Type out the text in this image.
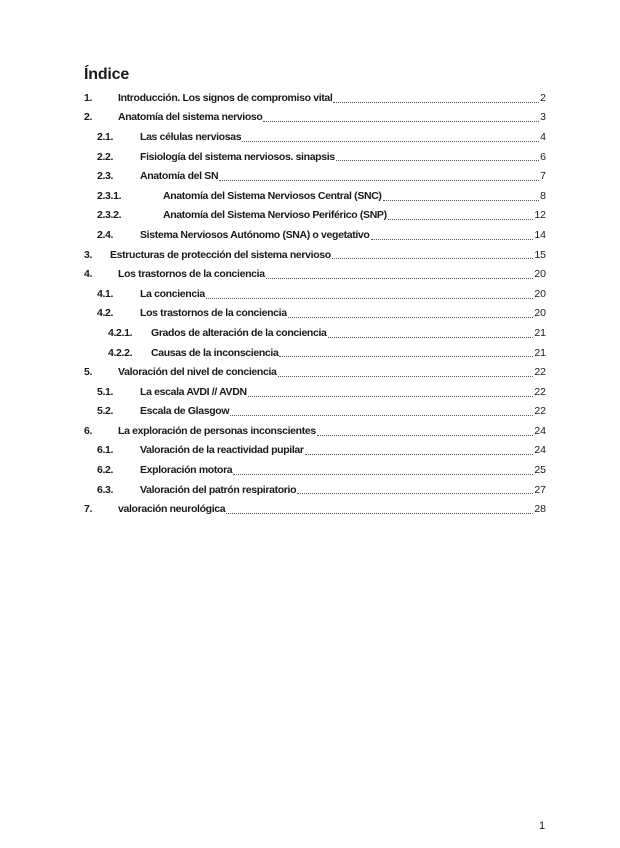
Índice
1.	Introducción. Los signos de compromiso vital	2
2.	Anatomía del sistema nervioso	3
2.1.	Las células nerviosas	4
2.2.	Fisiología del sistema nerviosos. sinapsis	6
2.3.	Anatomía del SN	7
2.3.1.	Anatomía del Sistema Nerviosos Central (SNC)	8
2.3.2.	Anatomía del Sistema Nervioso Periférico (SNP)	12
2.4.	Sistema Nerviosos Autónomo (SNA) o vegetativo	14
3.	Estructuras de protección del sistema nervioso	15
4.	Los trastornos de la conciencia	20
4.1.	La conciencia	20
4.2.	Los trastornos de la conciencia	20
4.2.1.	Grados de alteración de la conciencia	21
4.2.2.	Causas de la inconsciencia	21
5.	Valoración del nivel de conciencia	22
5.1.	La escala AVDI // AVDN	22
5.2.	Escala de Glasgow	22
6.	La exploración de personas inconscientes	24
6.1.	Valoración de la reactividad pupilar	24
6.2.	Exploración motora	25
6.3.	Valoración del patrón respiratorio	27
7.	valoración neurológica	28
1
